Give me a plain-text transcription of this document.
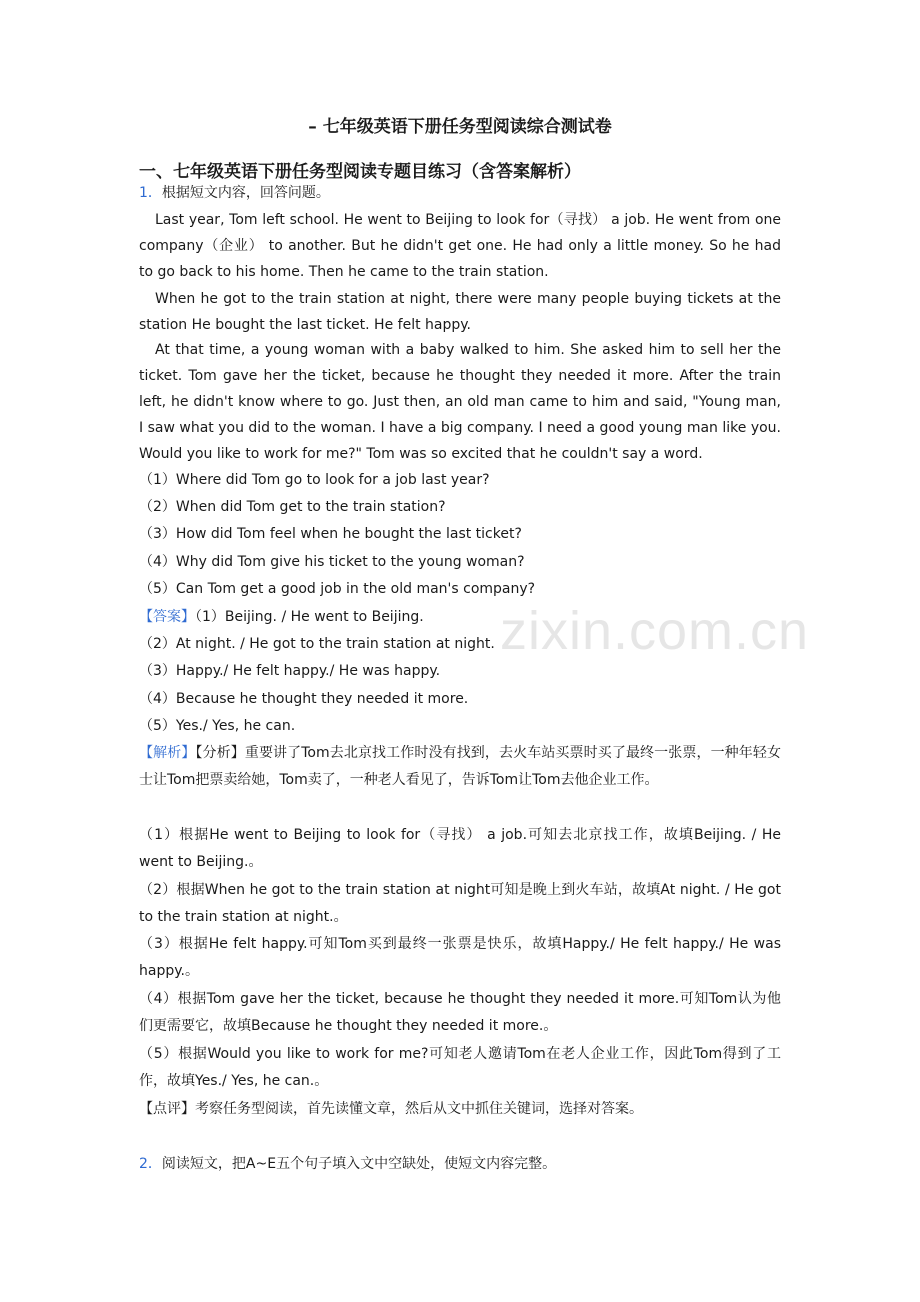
zixin.com.cn
– 七年级英语下册任务型阅读综合测试卷
一、七年级英语下册任务型阅读专题目练习（含答案解析）

1．根据短文内容，回答问题。

Last year, Tom left school. He went to Beijing to look for（寻找） a job. He went from one company（企业） to another. But he didn't get one. He had only a little money. So he had to go back to his home. Then he came to the train station.

When he got to the train station at night, there were many people buying tickets at the station He bought the last ticket. He felt happy.

At that time, a young woman with a baby walked to him. She asked him to sell her the ticket. Tom gave her the ticket, because he thought they needed it more. After the train left, he didn't know where to go. Just then, an old man came to him and said, "Young man, I saw what you did to the woman. I have a big company. I need a good young man like you. Would you like to work for me?" Tom was so excited that he couldn't say a word.

（1）Where did Tom go to look for a job last year?

（2）When did Tom get to the train station?

（3）How did Tom feel when he bought the last ticket?

（4）Why did Tom give his ticket to the young woman?

（5）Can Tom get a good job in the old man's company?

【答案】（1）Beijing. / He went to Beijing.

（2）At night. / He got to the train station at night.

（3）Happy./ He felt happy./ He was happy.

（4）Because he thought they needed it more.

（5）Yes./ Yes, he can.

【解析】【分析】重要讲了Tom去北京找工作时没有找到，去火车站买票时买了最终一张票，一种年轻女士让Tom把票卖给她，Tom卖了，一种老人看见了，告诉Tom让Tom去他企业工作。

（1）根据He went to Beijing to look for（寻找） a job.可知去北京找工作，故填Beijing. / He went to Beijing.。

（2）根据When he got to the train station at night可知是晚上到火车站，故填At night. / He got to the train station at night.。

（3）根据He felt happy.可知Tom买到最终一张票是快乐，故填Happy./ He felt happy./ He was happy.。

（4）根据Tom gave her the ticket, because he thought they needed it more.可知Tom认为他们更需要它，故填Because he thought they needed it more.。

（5）根据Would you like to work for me?可知老人邀请Tom在老人企业工作，因此Tom得到了工作，故填Yes./ Yes, he can.。

【点评】考察任务型阅读，首先读懂文章，然后从文中抓住关键词，选择对答案。

2．阅读短文，把A~E五个句子填入文中空缺处，使短文内容完整。
